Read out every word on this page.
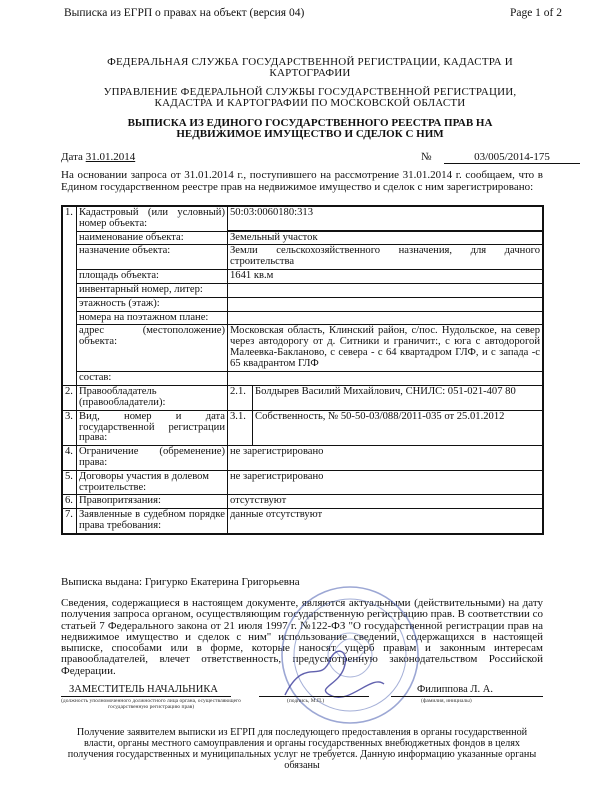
Выписка из ЕГРП о правах на объект (версия 04)	Page 1 of 2
ФЕДЕРАЛЬНАЯ СЛУЖБА ГОСУДАРСТВЕННОЙ РЕГИСТРАЦИИ, КАДАСТРА И
КАРТОГРАФИИ
УПРАВЛЕНИЕ ФЕДЕРАЛЬНОЙ СЛУЖБЫ ГОСУДАРСТВЕННОЙ РЕГИСТРАЦИИ,
КАДАСТРА И КАРТОГРАФИИ ПО МОСКОВСКОЙ ОБЛАСТИ
ВЫПИСКА ИЗ ЕДИНОГО ГОСУДАРСТВЕННОГО РЕЕСТРА ПРАВ НА
НЕДВИЖИМОЕ ИМУЩЕСТВО И СДЕЛОК С НИМ
Дата 31.01.2014	№	03/005/2014-175
На основании запроса от 31.01.2014 г., поступившего на рассмотрение 31.01.2014 г. сообщаем, что в Едином государственном реестре прав на недвижимое имущество и сделок с ним зарегистрировано:
1.	Кадастровый (или условный) номер объекта:	50:03:0060180:313	

	наименование объекта:	Земельный участок	
	назначение объекта:	Земли сельскохозяйственного назначения, для дачного строительства	
	площадь объекта:	1641 кв.м	
	инвентарный номер, литер:		
	этажность (этаж):		
	номера на поэтажном плане:		
	адрес (местоположение) объекта:	Московская область, Клинский район, с/пос. Нудольское, на север через автодорогу от д. Ситники и граничит:, с юга с автодорогой Малеевка-Бакланово, с севера - с 64 квартадром ГЛФ, и с запада -с 65 квадрантом ГЛФ	
	состав:		

2.	Правообладатель (правообладатели):	2.1.	Болдырев Василий Михайлович, СНИЛС: 051-021-407 80
3.	Вид, номер и дата государственной регистрации права:	3.1.	Собственность, № 50-50-03/088/2011-035 от 25.01.2012
4.	Ограничение (обременение) права:	не зарегистрировано	
5.	Договоры участия в долевом строительстве:	не зарегистрировано	
6.	Правопритязания:	отсутствуют	
7.	Заявленные в судебном порядке права требования:	данные отсутствуют	
Выписка выдана: Григурко Екатерина Григорьевна
Сведения, содержащиеся в настоящем документе, являются актуальными (действительными) на дату получения запроса органом, осуществляющим государственную регистрацию прав. В соответствии со статьей 7 Федерального закона от 21 июля 1997 г. №122-ФЗ "О государственной регистрации прав на недвижимое имущество и сделок с ним" использование сведений, содержащихся в настоящей выписке, способами или в форме, которые наносят ущерб правам и законным интересам правообладателей, влечет ответственность, предусмотренную законодательством Российской Федерации.
ЗАМЕСТИТЕЛЬ НАЧАЛЬНИКА
(должность уполномоченного должностного лица органа, осуществляющего государственную регистрацию прав)
(подпись, М.П.)
Филиппова Л. А.
(фамилия, инициалы)
Получение заявителем выписки из ЕГРП для последующего предоставления в органы государственной власти, органы местного самоуправления и органы государственных внебюджетных фондов в целях получения государственных и муниципальных услуг не требуется. Данную информацию указанные органы обязаны
